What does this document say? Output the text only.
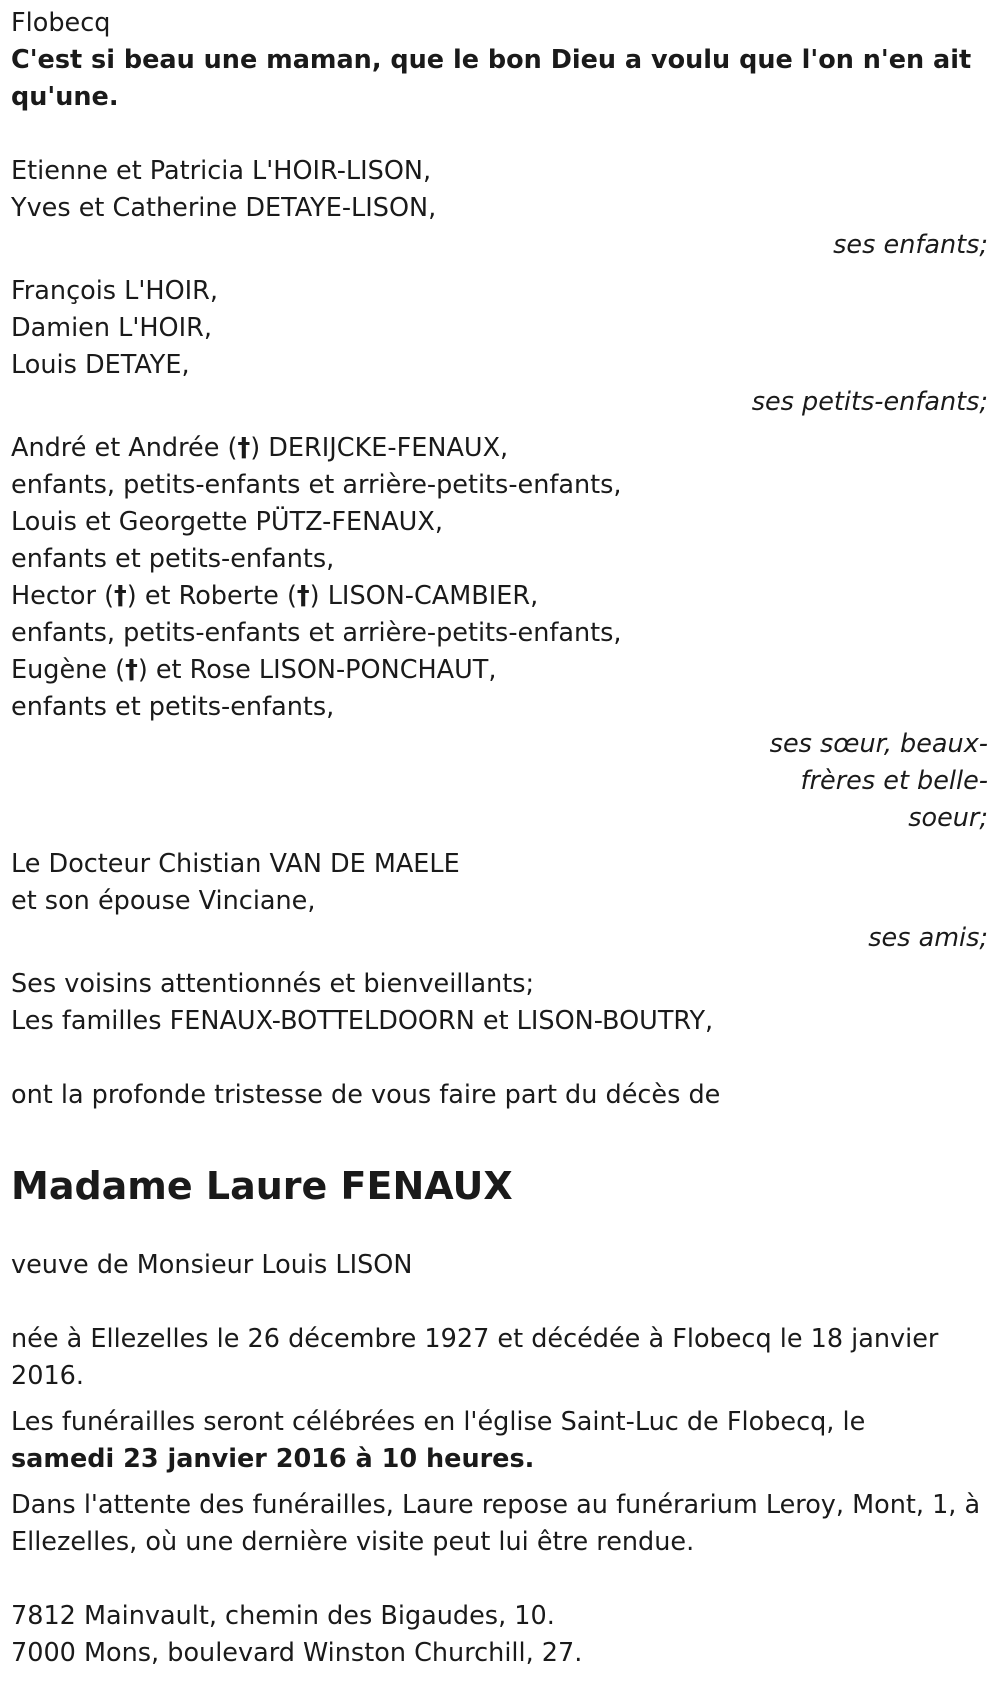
Flobecq
C'est si beau une maman, que le bon Dieu a voulu que l'on n'en ait qu'une.
Etienne et Patricia L'HOIR-LISON,
Yves et Catherine DETAYE-LISON,
ses enfants;
François L'HOIR,
Damien L'HOIR,
Louis DETAYE,
ses petits-enfants;
André et Andrée (†) DERIJCKE-FENAUX,
enfants, petits-enfants et arrière-petits-enfants,
Louis et Georgette PÜTZ-FENAUX,
enfants et petits-enfants,
Hector (†) et Roberte (†) LISON-CAMBIER,
enfants, petits-enfants et arrière-petits-enfants,
Eugène (†) et Rose LISON-PONCHAUT,
enfants et petits-enfants,
ses sœur, beaux-
frères et belle-
soeur;
Le Docteur Chistian VAN DE MAELE
et son épouse Vinciane,
ses amis;
Ses voisins attentionnés et bienveillants;
Les familles FENAUX-BOTTELDOORN et LISON-BOUTRY,
ont la profonde tristesse de vous faire part du décès de
Madame Laure FENAUX
veuve de Monsieur Louis LISON
née à Ellezelles le 26 décembre 1927 et décédée à Flobecq le 18 janvier 2016.
Les funérailles seront célébrées en l'église Saint-Luc de Flobecq, le
samedi 23 janvier 2016 à 10 heures.
Dans l'attente des funérailles, Laure repose au funérarium Leroy, Mont, 1, à Ellezelles, où une dernière visite peut lui être rendue.
7812 Mainvault, chemin des Bigaudes, 10.
7000 Mons, boulevard Winston Churchill, 27.
